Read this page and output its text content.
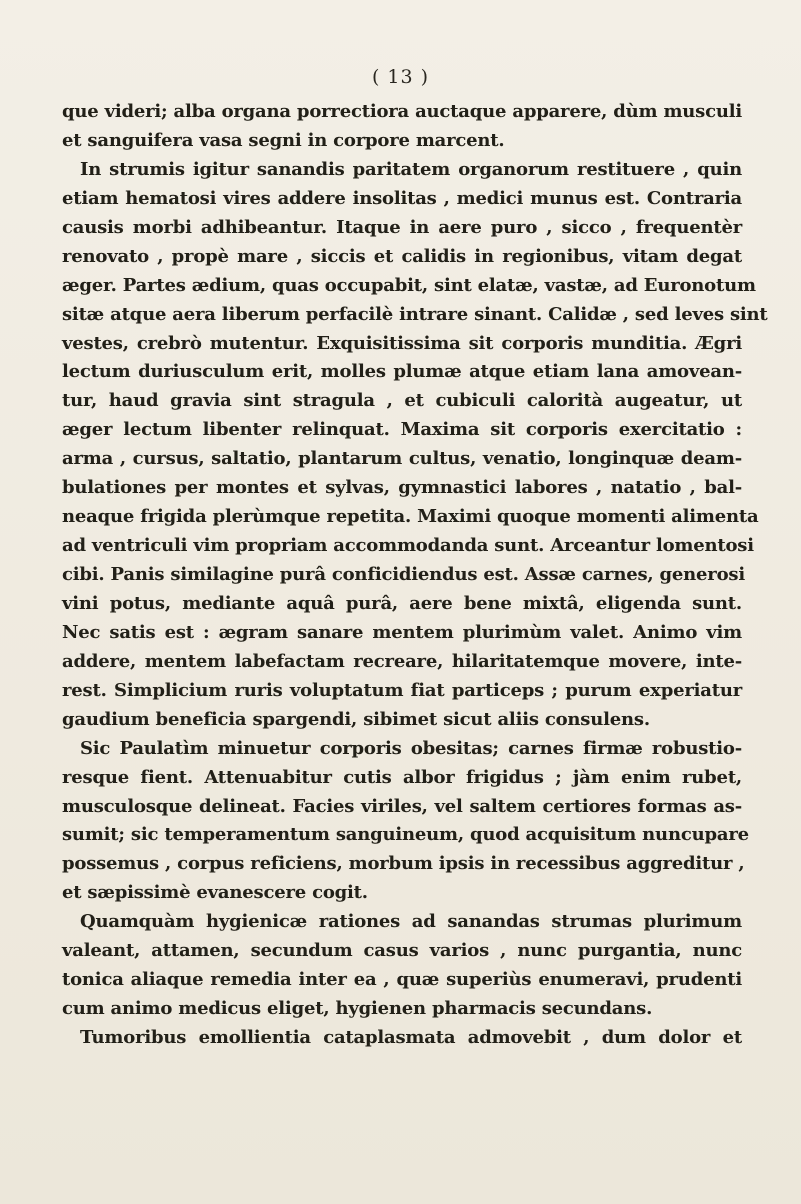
( 13 )
que videri; alba organa porrectiora auctaque apparere, dùm musculi
et sanguifera vasa segni in corpore marcent.
In strumis igitur sanandis paritatem organorum restituere , quin
etiam hematosi vires addere insolitas , medici munus est. Contraria
causis morbi adhibeantur. Itaque in aere puro , sicco , frequentèr
renovato , propè mare , siccis et calidis in regionibus, vitam degat
æger. Partes ædium, quas occupabit, sint elatæ, vastæ, ad Euronotum
sitæ atque aera liberum perfacilè intrare sinant. Calidæ , sed leves sint
vestes, crebrò mutentur. Exquisitissima sit corporis munditia. Ægri
lectum duriusculum erit, molles plumæ atque etiam lana amovean-
tur, haud gravia sint stragula , et cubiculi calorità augeatur, ut
æger lectum libenter relinquat. Maxima sit corporis exercitatio :
arma , cursus, saltatio, plantarum cultus, venatio, longinquæ deam-
bulationes per montes et sylvas, gymnastici labores , natatio , bal-
neaque frigida plerùmque repetita. Maximi quoque momenti alimenta
ad ventriculi vim propriam accommodanda sunt. Arceantur lomentosi
cibi. Panis similagine purâ conficidiendus est. Assæ carnes, generosi
vini potus, mediante aquâ purâ, aere bene mixtâ, eligenda sunt.
Nec satis est : ægram sanare mentem plurimùm valet. Animo vim
addere, mentem labefactam recreare, hilaritatemque movere, inte-
rest. Simplicium ruris voluptatum fiat particeps ; purum experiatur
gaudium beneficia spargendi, sibimet sicut aliis consulens.
Sic Paulatìm minuetur corporis obesitas; carnes firmæ robustio-
resque fient. Attenuabitur cutis albor frigidus ; jàm enim rubet,
musculosque delineat. Facies viriles, vel saltem certiores formas as-
sumit; sic temperamentum sanguineum, quod acquisitum nuncupare
possemus , corpus reficiens, morbum ipsis in recessibus aggreditur ,
et sæpissimè evanescere cogit.
Quamquàm hygienicæ rationes ad sanandas strumas plurimum
valeant, attamen, secundum casus varios , nunc purgantia, nunc
tonica aliaque remedia inter ea , quæ superiùs enumeravi, prudenti
cum animo medicus eliget, hygienen pharmacis secundans.
Tumoribus emollientia cataplasmata admovebit , dum dolor et
